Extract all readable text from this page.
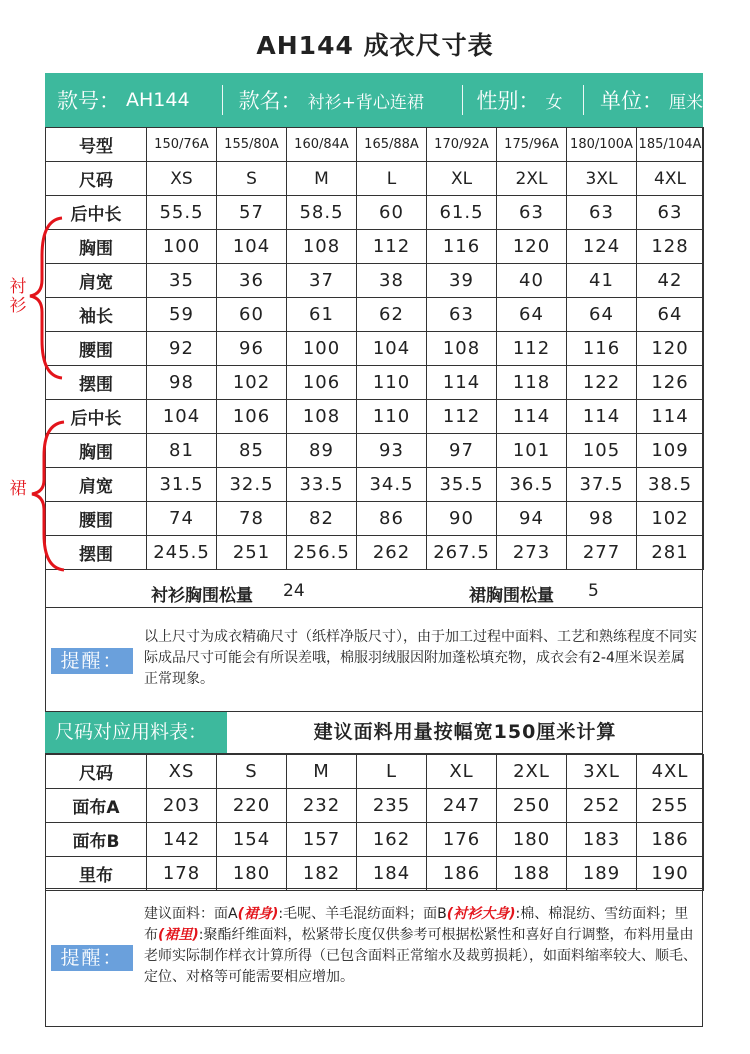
AH144 成衣尺寸表
款号： AH144 款名： 衬衫+背心连裙	性别： 女 单位： 厘米
号型	150/76A	155/80A	160/84A	165/88A	170/92A	175/96A	180/100A	185/104A
尺码	XS	S	M	L	XL	2XL	3XL	4XL
后中长	55.5	57	58.5	60	61.5	63	63	63
胸围	100	104	108	112	116	120	124	128
肩宽	35	36	37	38	39	40	41	42
袖长	59	60	61	62	63	64	64	64
腰围	92	96	100	104	108	112	116	120
摆围	98	102	106	110	114	118	122	126
后中长	104	106	108	110	112	114	114	114
胸围	81	85	89	93	97	101	105	109
肩宽	31.5	32.5	33.5	34.5	35.5	36.5	37.5	38.5
腰围	74	78	82	86	90	94	98	102
摆围	245.5	251	256.5	262	267.5	273	277	281
衬
衫
裙
衬衫胸围松量 24	裙胸围松量 5
提醒：
以上尺寸为成衣精确尺寸（纸样净版尺寸），由于加工过程中面料、工艺和熟练程度不同实际成品尺寸可能会有所误差哦，棉服羽绒服因附加蓬松填充物，成衣会有2-4厘米误差属正常现象。
尺码对应用料表：	建议面料用量按幅宽150厘米计算
尺码	XS	S	M	L	XL	2XL	3XL	4XL
面布A	203	220	232	235	247	250	252	255
面布B	142	154	157	162	176	180	183	186
里布	178	180	182	184	186	188	189	190
提醒：
建议面料：面A(裙身):毛呢、羊毛混纺面料；面B(衬衫大身):棉、棉混纺、雪纺面料；里布(裙里):聚酯纤维面料，松紧带长度仅供参考可根据松紧性和喜好自行调整，布料用量由老师实际制作样衣计算所得（已包含面料正常缩水及裁剪损耗），如面料缩率较大、顺毛、定位、对格等可能需要相应增加。
